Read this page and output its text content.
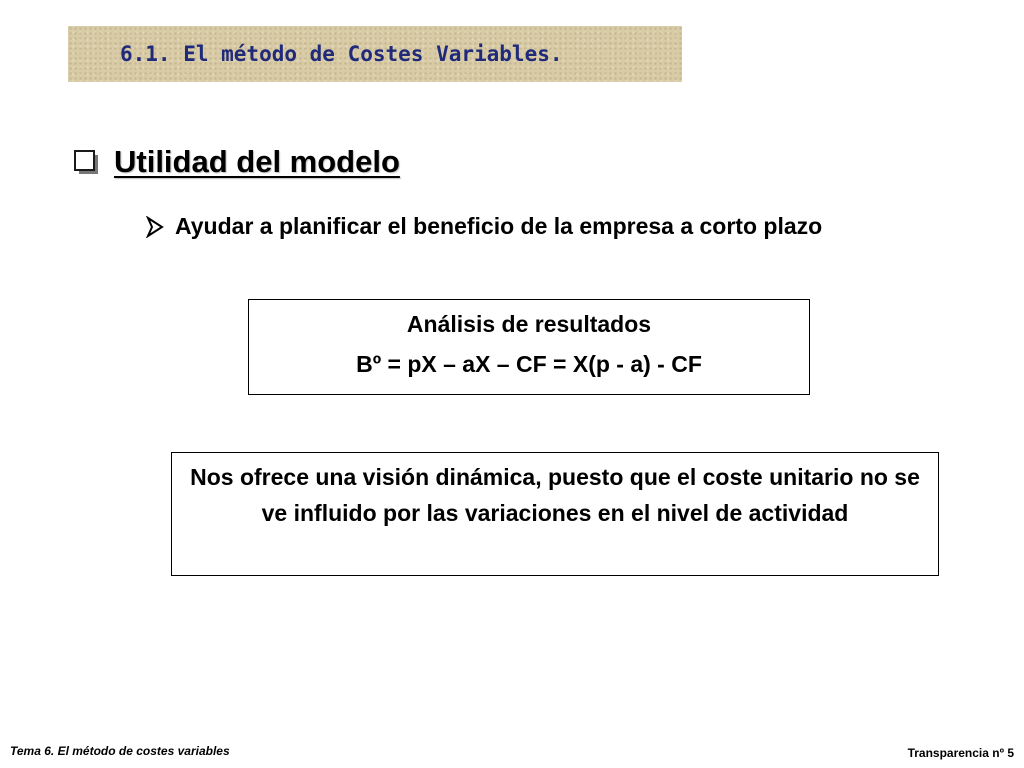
6.1. El método de Costes Variables.
Utilidad del modelo
Ayudar a planificar el beneficio de la empresa a corto plazo
Análisis de resultados
Bº = pX – aX – CF = X(p - a) - CF
Nos ofrece una visión dinámica, puesto que el coste unitario no se ve influido por las variaciones en el nivel de actividad
Tema 6. El método de costes variables	Transparencia nº 5
